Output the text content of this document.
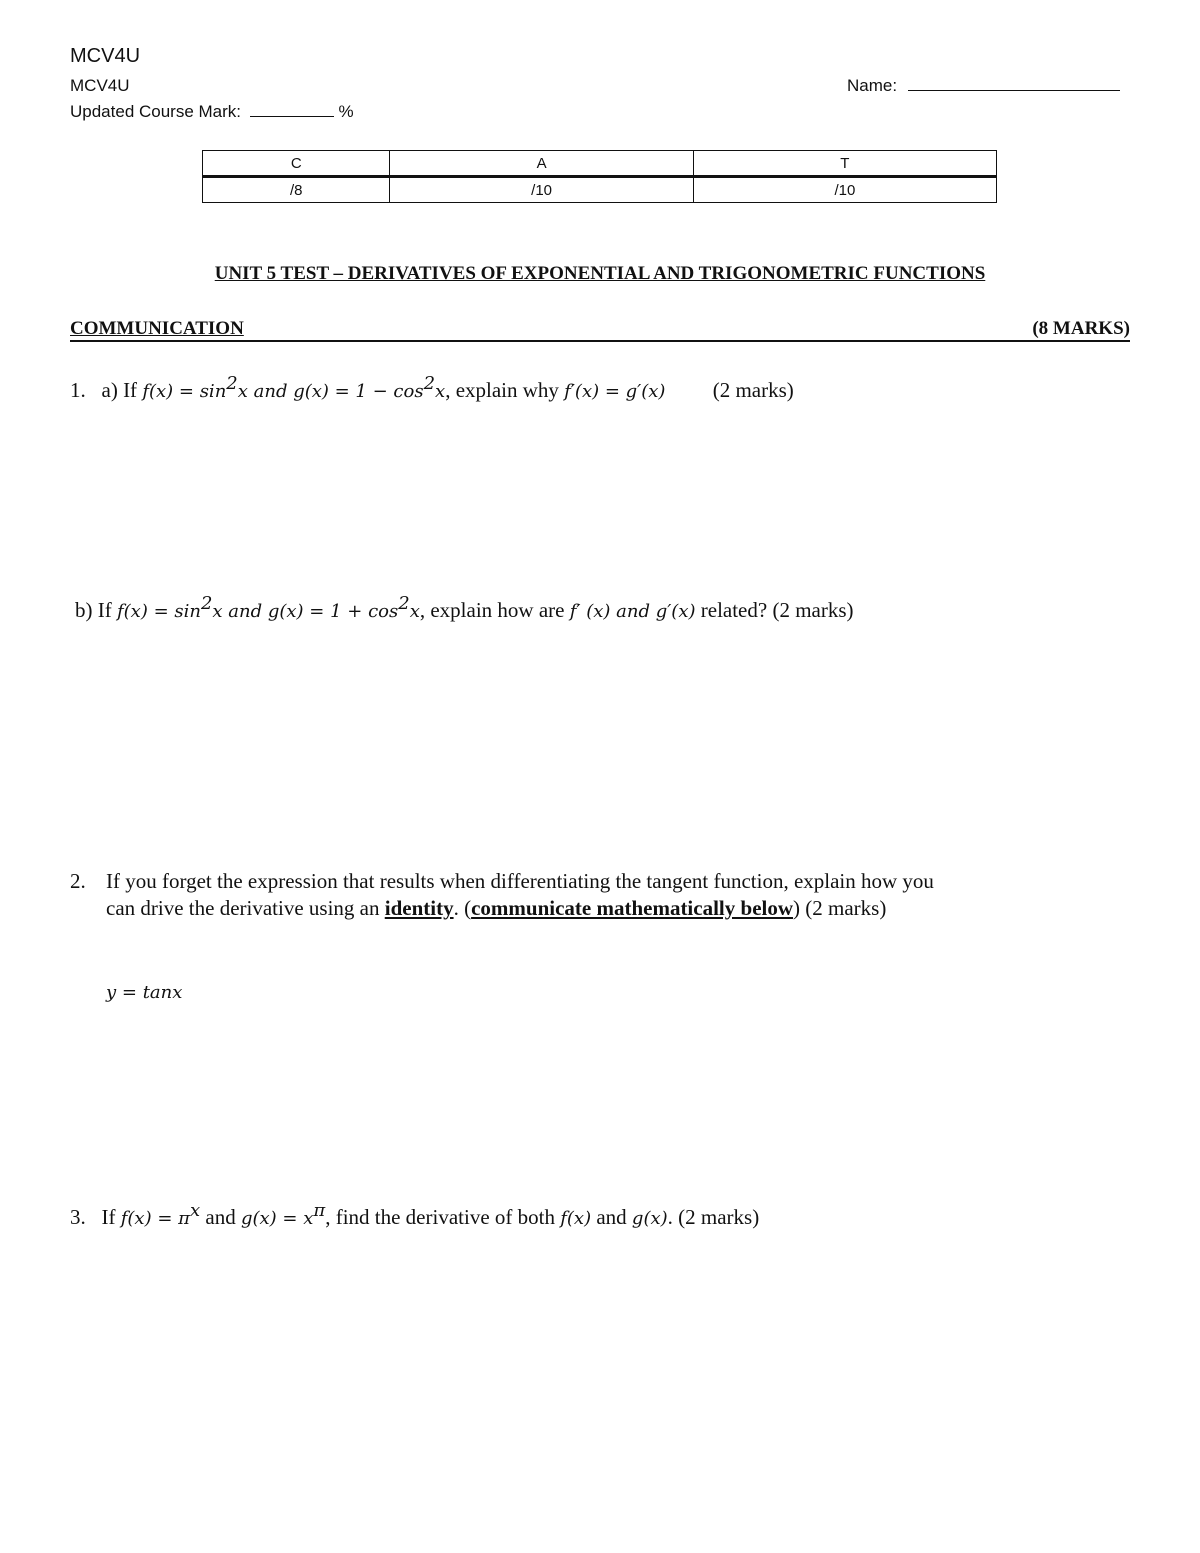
MCV4U
MCV4U	Name:
Updated Course Mark:	%
C	A	T
/8	/10	/10
UNIT 5 TEST – DERIVATIVES OF EXPONENTIAL AND TRIGONOMETRIC FUNCTIONS
COMMUNICATION	(8 MARKS)
1. a) If $f(x) = \sin^2x$ and $g(x) = 1 - \cos^2x$, explain why f′(x) = g′(x) (2 marks)
b) If $f(x) = \sin^2x$ and $g(x) = 1 + \cos^2x$, explain how are f′ (x) and g′(x) related? (2 marks)
2. If you forget the expression that results when differentiating the tangent function, explain how you
can drive the derivative using an identity. (communicate mathematically below) (2 marks)
y = tanx
3. If $f(x) = \pi^x$ and $g(x) = x^\pi$, find the derivative of both f(x) and g(x). (2 marks)
